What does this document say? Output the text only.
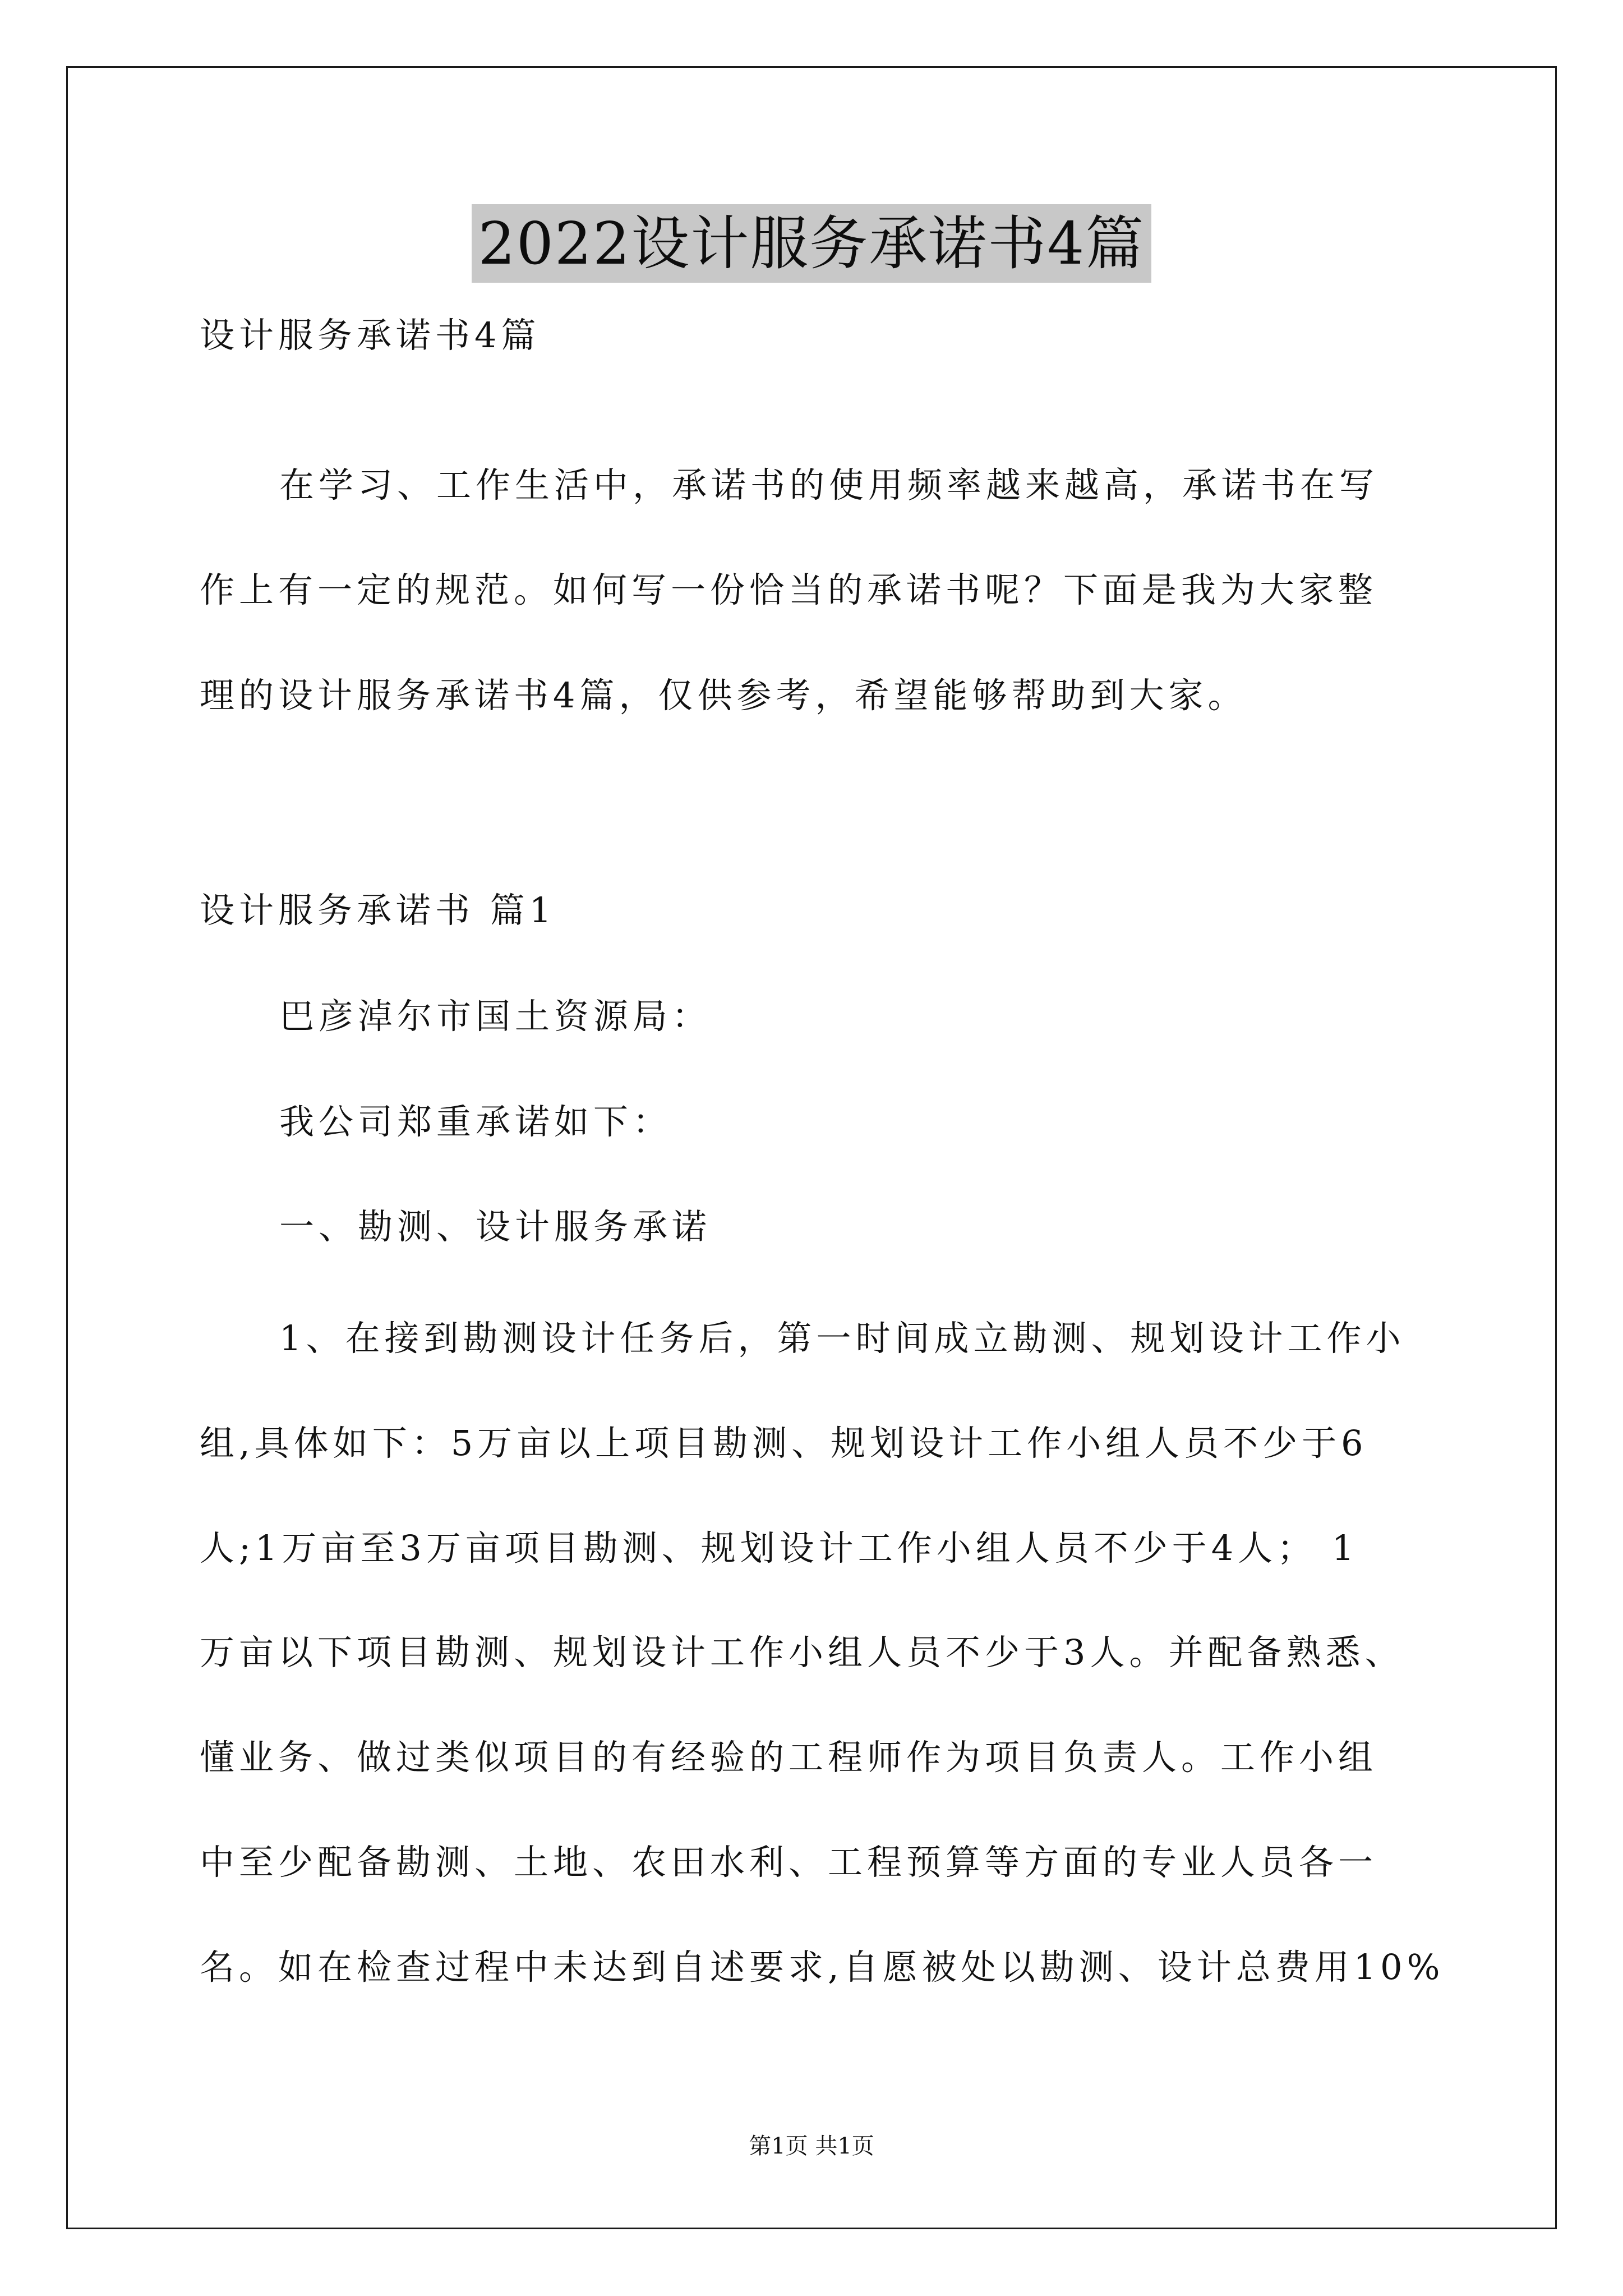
2022设计服务承诺书4篇
设计服务承诺书4篇
在学习、工作生活中，承诺书的使用频率越来越高，承诺书在写
作上有一定的规范。如何写一份恰当的承诺书呢？下面是我为大家整
理的设计服务承诺书4篇，仅供参考，希望能够帮助到大家。
设计服务承诺书 篇1
巴彦淖尔市国土资源局：
我公司郑重承诺如下：
一、勘测、设计服务承诺
1、在接到勘测设计任务后，第一时间成立勘测、规划设计工作小
组,具体如下：5万亩以上项目勘测、规划设计工作小组人员不少于6
人;1万亩至3万亩项目勘测、规划设计工作小组人员不少于4人； 1
万亩以下项目勘测、规划设计工作小组人员不少于3人。并配备熟悉、
懂业务、做过类似项目的有经验的工程师作为项目负责人。工作小组
中至少配备勘测、土地、农田水利、工程预算等方面的专业人员各一
名。如在检查过程中未达到自述要求,自愿被处以勘测、设计总费用10%
第1页 共1页
